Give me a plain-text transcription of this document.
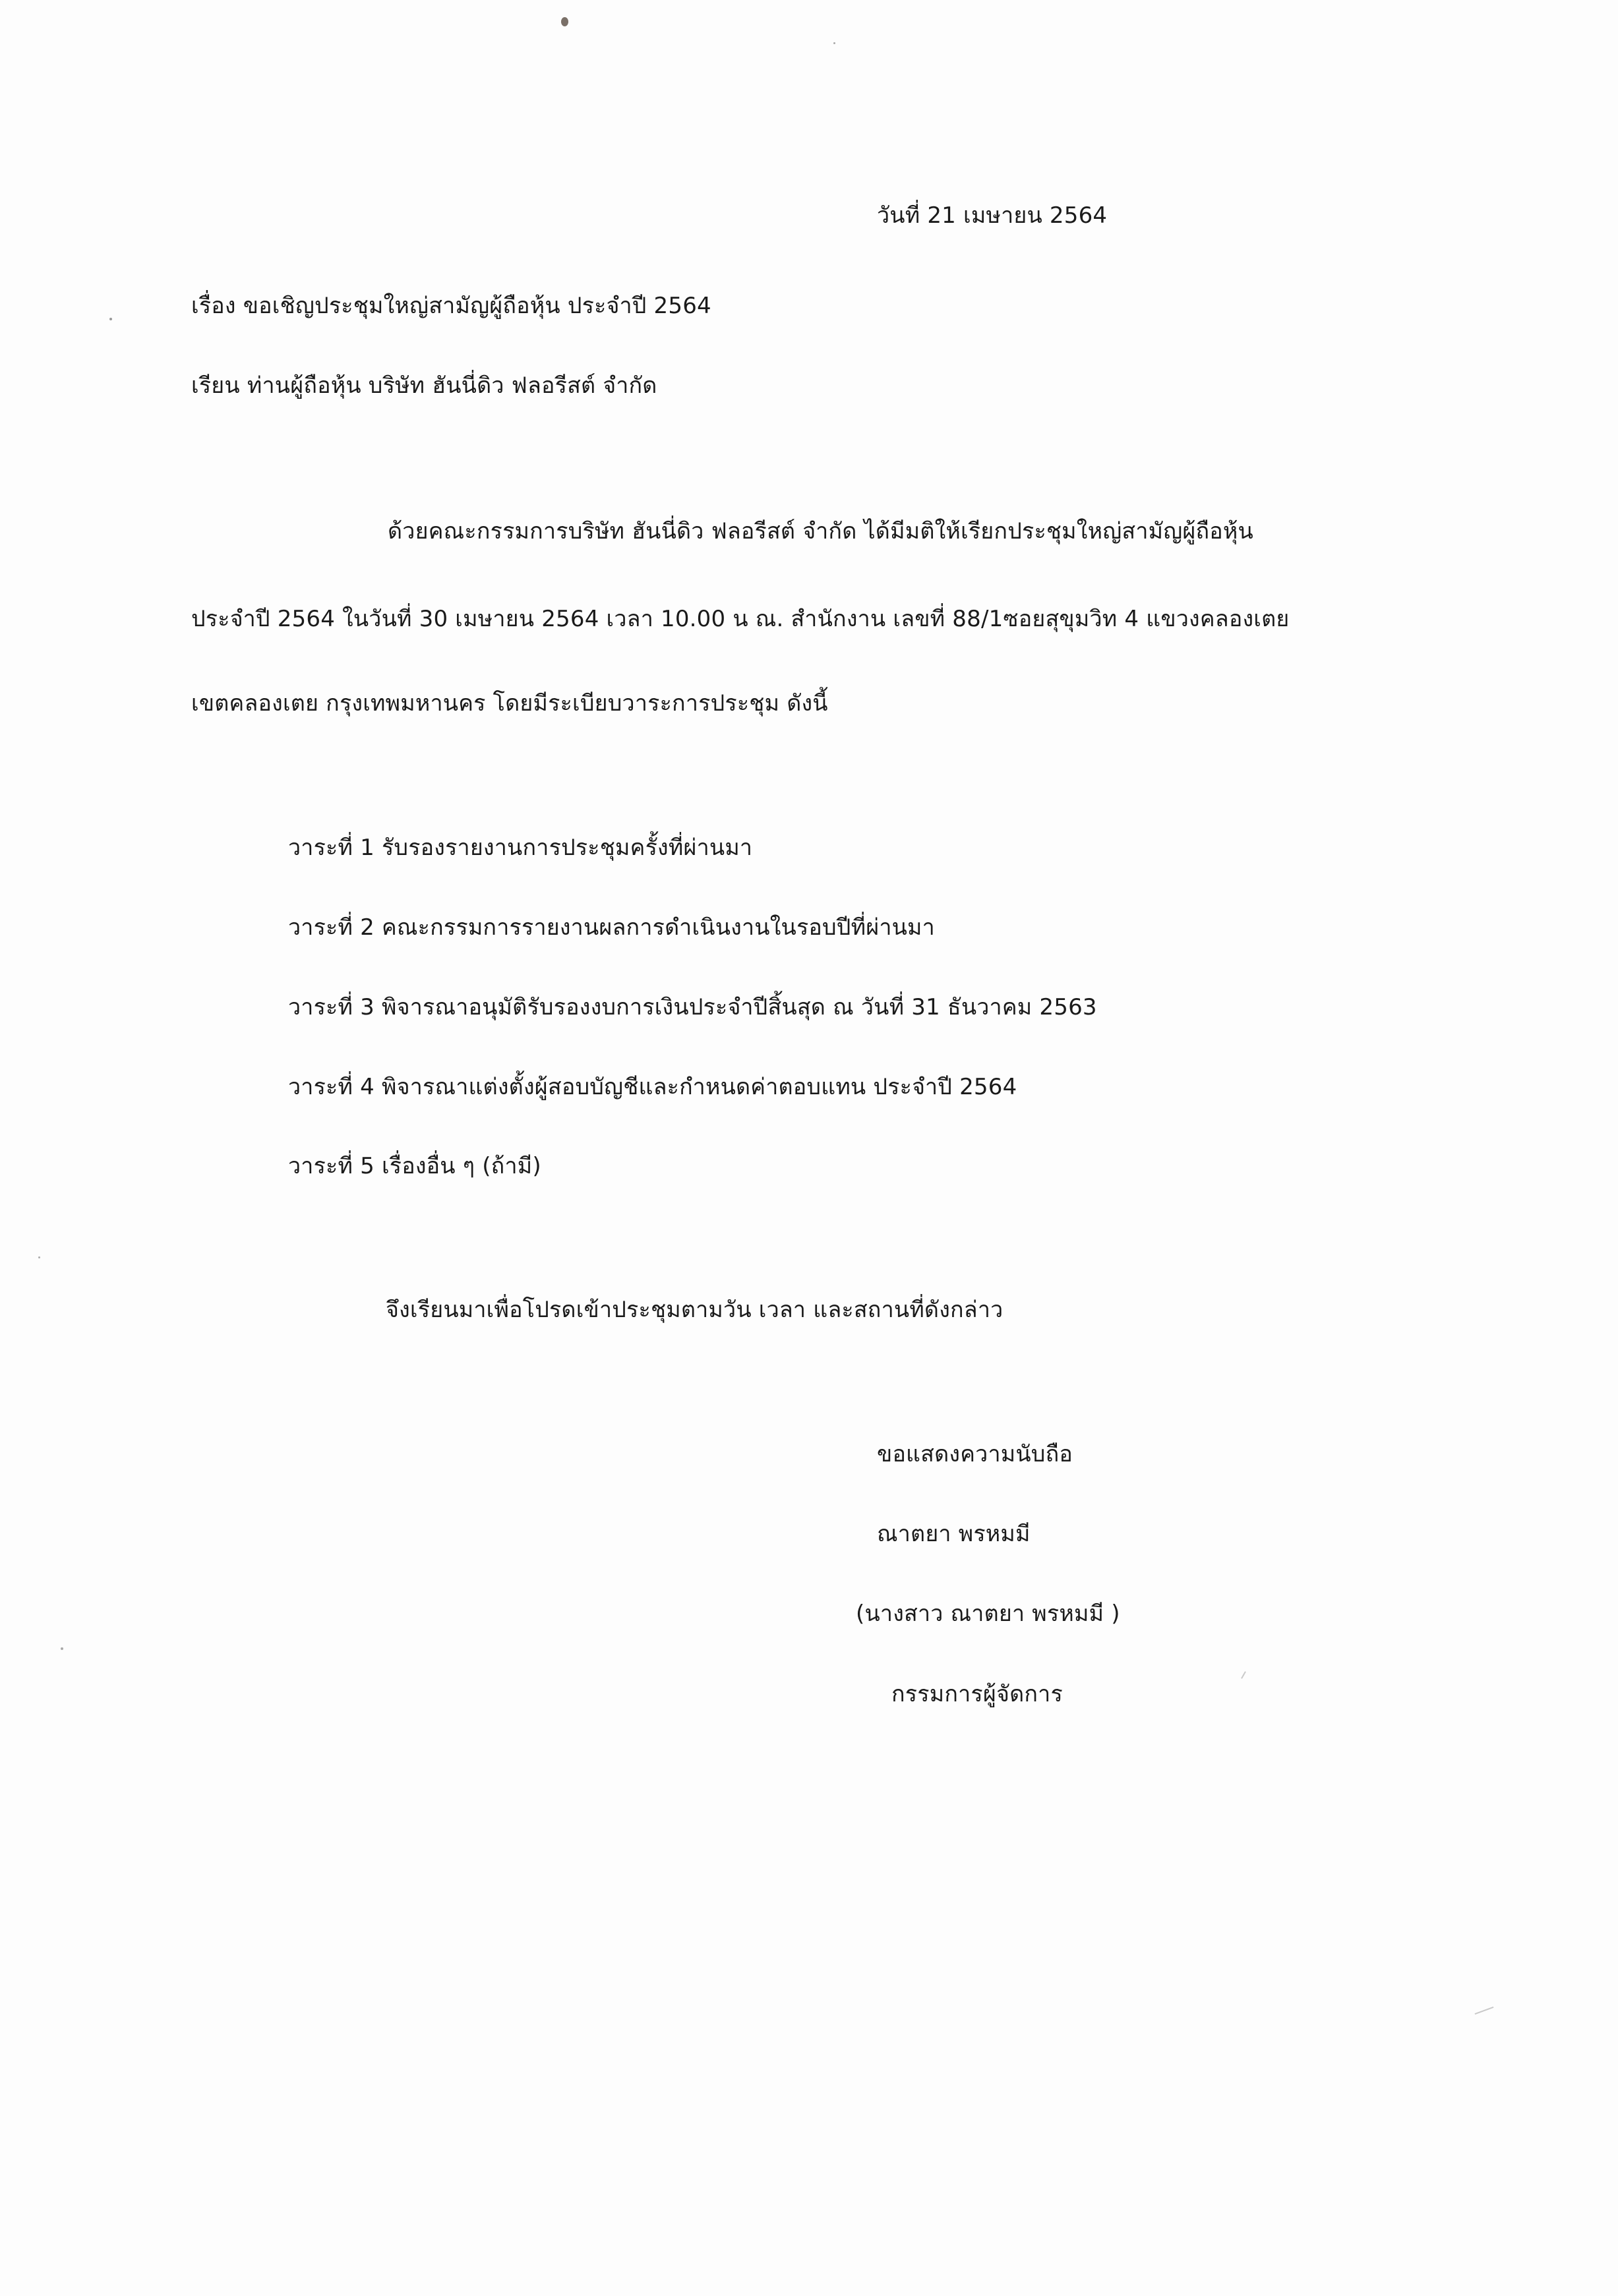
วันที่ 21 เมษายน 2564
เรื่อง ขอเชิญประชุมใหญ่สามัญผู้ถือหุ้น ประจำปี 2564
เรียน ท่านผู้ถือหุ้น บริษัท ฮันนี่ดิว ฟลอรีสต์ จำกัด
ด้วยคณะกรรมการบริษัท ฮันนี่ดิว ฟลอรีสต์ จำกัด ได้มีมติให้เรียกประชุมใหญ่สามัญผู้ถือหุ้น
ประจำปี 2564 ในวันที่ 30 เมษายน 2564 เวลา 10.00 น ณ. สำนักงาน เลขที่ 88/1ซอยสุขุมวิท 4 แขวงคลองเตย
เขตคลองเตย กรุงเทพมหานคร โดยมีระเบียบวาระการประชุม ดังนี้
วาระที่ 1 รับรองรายงานการประชุมครั้งที่ผ่านมา
วาระที่ 2 คณะกรรมการรายงานผลการดำเนินงานในรอบปีที่ผ่านมา
วาระที่ 3 พิจารณาอนุมัติรับรองงบการเงินประจำปีสิ้นสุด ณ วันที่ 31 ธันวาคม 2563
วาระที่ 4 พิจารณาแต่งตั้งผู้สอบบัญชีและกำหนดค่าตอบแทน ประจำปี 2564
วาระที่ 5 เรื่องอื่น ๆ (ถ้ามี)
จึงเรียนมาเพื่อโปรดเข้าประชุมตามวัน เวลา และสถานที่ดังกล่าว
ขอแสดงความนับถือ
ณาตยา พรหมมี
(นางสาว ณาตยา พรหมมี )
กรรมการผู้จัดการ
